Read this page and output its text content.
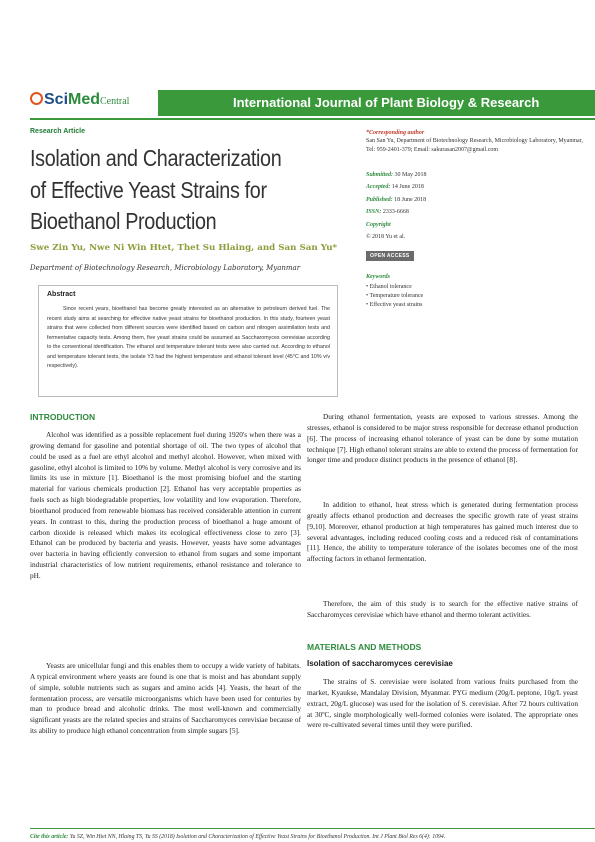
SciMedCentral	International Journal of Plant Biology & Research
Research Article
Isolation and Characterization of Effective Yeast Strains for Bioethanol Production
Swe Zin Yu, Nwe Ni Win Htet, Thet Su Hlaing, and San San Yu*
Department of Biotechnology Research, Microbiology Laboratory, Myanmar
*Corresponding author
San San Yu, Department of Biotechnology Research, Microbiology Laboratory, Myanmar, Tel: 959-2401-379; Email: sakurasan2007@gmail.com
Submitted: 30 May 2018
Accepted: 14 June 2018
Published: 18 June 2018
ISSN: 2333-6668
Copyright
© 2018 Yu et al.
OPEN ACCESS
Keywords
• Ethanol tolerance
• Temperature tolerance
• Effective yeast strains
Abstract
Since recent years, bioethanol has become greatly interested as an alternative to petroleum derived fuel. The recent study aims at searching for effective native yeast strains for bioethanol production. In this study, fourteen yeast strains that were collected from different sources were identified based on carbon and nitrogen assimilation tests and fermentative capacity tests. Among them, five yeast strains could be assumed as Saccharomyces cerevisiae according to the conventional identification. The ethanol and temperature tolerant tests were also carried out. According to ethanol and temperature tolerant tests, the isolate Y3 had the highest temperature and ethanol tolerant level (45°C and 10% v/v respectively).
INTRODUCTION
Alcohol was identified as a possible replacement fuel during 1920's when there was a growing demand for gasoline and potential shortage of oil. The two types of alcohol that could be used as a fuel are ethyl alcohol and methyl alcohol. However, when mixed with gasoline, ethyl alcohol is limited to 10% by volume. Methyl alcohol is very corrosive and its limits its use in mixture [1]. Bioethanol is the most promising biofuel and the starting material for various chemicals production [2]. Ethanol has very acceptable properties as fuels such as high biodegradable properties, low volatility and low evaporation. Therefore, bioethanol produced from renewable biomass has received considerable attention in current years. In contrast to this, during the production process of bioethanol a huge amount of carbon dioxide is released which makes its ecological effectiveness close to zero [3]. Ethanol can be produced by bacteria and yeasts. However, yeasts have some advantages over bacteria in having efficiently conversion to ethanol from sugars and some important industrial characteristics of low nutrient requirements, ethanol resistance and tolerance to pH.
Yeasts are unicellular fungi and this enables them to occupy a wide variety of habitats. A typical environment where yeasts are found is one that is moist and has abundant supply of simple, soluble nutrients such as sugars and amino acids [4]. Yeasts, the heart of the fermentation process, are versatile microorganisms which have been used for centuries by man to produce bread and alcoholic drinks. The most well-known and commercially significant yeasts are the related species and strains of Saccharomyces cerevisiae because of its ability to produce high ethanol concentration from simple sugars [5].
During ethanol fermentation, yeasts are exposed to various stresses. Among the stresses, ethanol is considered to be major stress responsible for decrease ethanol production [6]. The process of increasing ethanol tolerance of yeast can be done by some mutation technique [7]. High ethanol tolerant strains are able to extend the process of fermentation for longer time and produce distinct products in the presence of ethanol [8].
In addition to ethanol, heat stress which is generated during fermentation process greatly affects ethanol production and decreases the specific growth rate of yeast strains [9,10]. Moreover, ethanol production at high temperatures has gained much interest due to several advantages, including reduced cooling costs and a reduced risk of contaminations [11]. Hence, the ability to temperature tolerance of the isolates becomes one of the most affecting factors in ethanol fermentation.
Therefore, the aim of this study is to search for the effective native strains of Saccharomyces cerevisiae which have ethanol and thermo tolerant activities.
MATERIALS AND METHODS
Isolation of saccharomyces cerevisiae
The strains of S. cerevisiae were isolated from various fruits purchased from the market, Kyaukse, Mandalay Division, Myanmar. PYG medium (20g/L peptone, 10g/L yeast extract, 20g/L glucose) was used for the isolation of S. cerevisiae. After 72 hours cultivation at 30ºC, single morphologically well-formed colonies were isolated. The appropriate ones were re-cultivated several times until they were purified.
Cite this article: Yu SZ, Win Htet NN, Hlaing TS, Yu SS (2018) Isolation and Characterization of Effective Yeast Strains for Bioethanol Production. Int J Plant Biol Res 6(4): 1094.
